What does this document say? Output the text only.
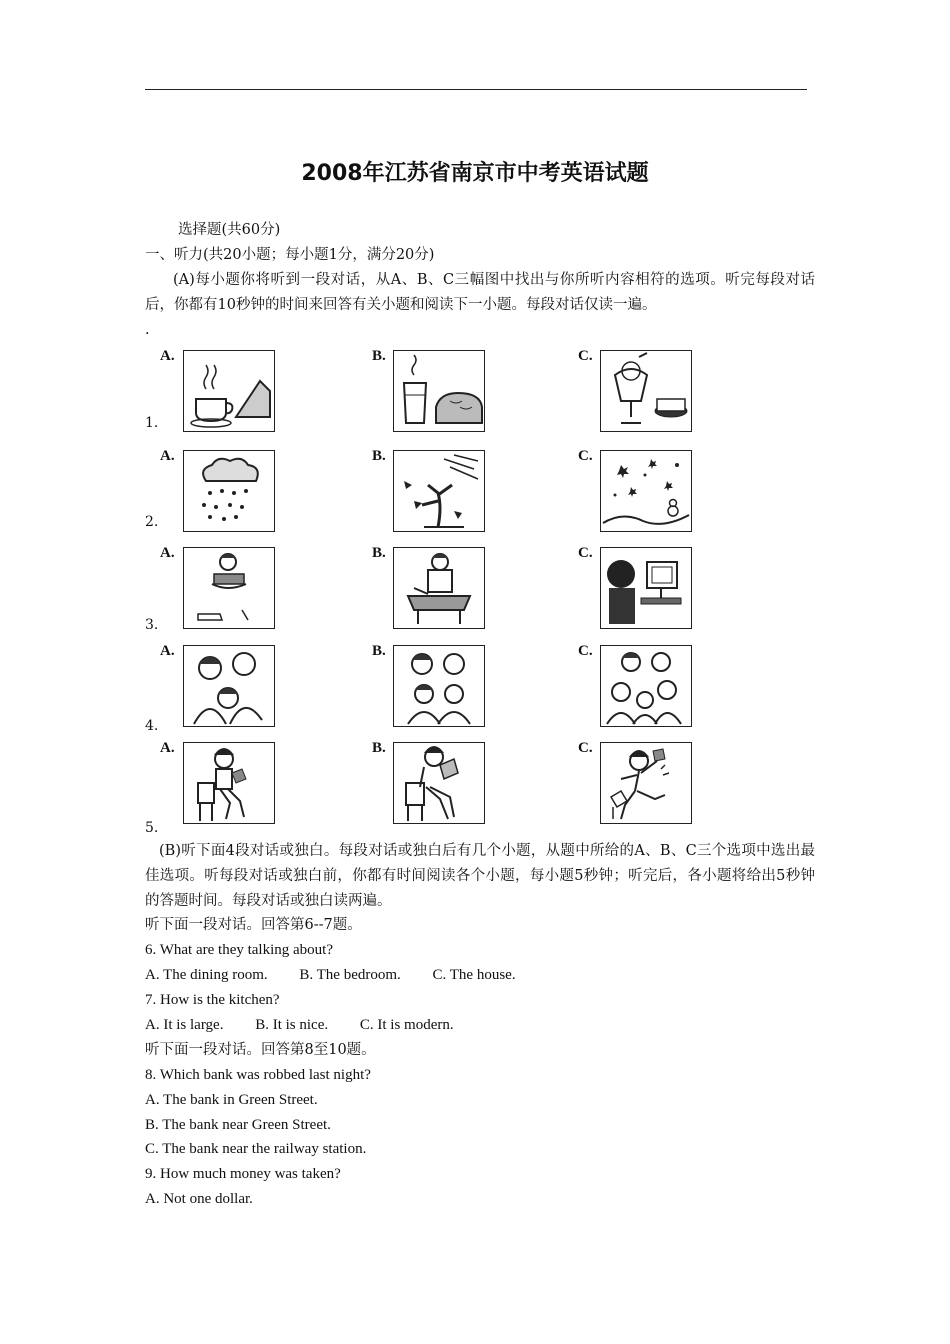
2008年江苏省南京市中考英语试题
选择题(共60分)
一、听力(共20小题；每小题1分，满分20分)
(A)每小题你将听到一段对话，从A、B、C三幅图中找出与你所听内容相符的选项。听完每段对话后，你都有10秒钟的时间来回答有关小题和阅读下一小题。每段对话仅读一遍。
.
1.
A.	B.	C.
2.
A.	B.	C.
3.
A.	B.	C.
4.
A.	B.	C.
5.
A.	B.	C.
(B)听下面4段对话或独白。每段对话或独白后有几个小题，从题中所给的A、B、C三个选项中选出最佳选项。听每段对话或独白前，你都有时间阅读各个小题，每小题5秒钟；听完后，各小题将给出5秒钟的答题时间。每段对话或独白读两遍。
听下面一段对话。回答第6--7题。
6. What are they talking about?
A. The dining room. B. The bedroom. C. The house.
7. How is the kitchen?
A. It is large. B. It is nice. C. It is modern.
听下面一段对话。回答第8至10题。
8. Which bank was robbed last night?
A. The bank in Green Street.
B. The bank near Green Street.
C. The bank near the railway station.
9. How much money was taken?
A. Not one dollar.
